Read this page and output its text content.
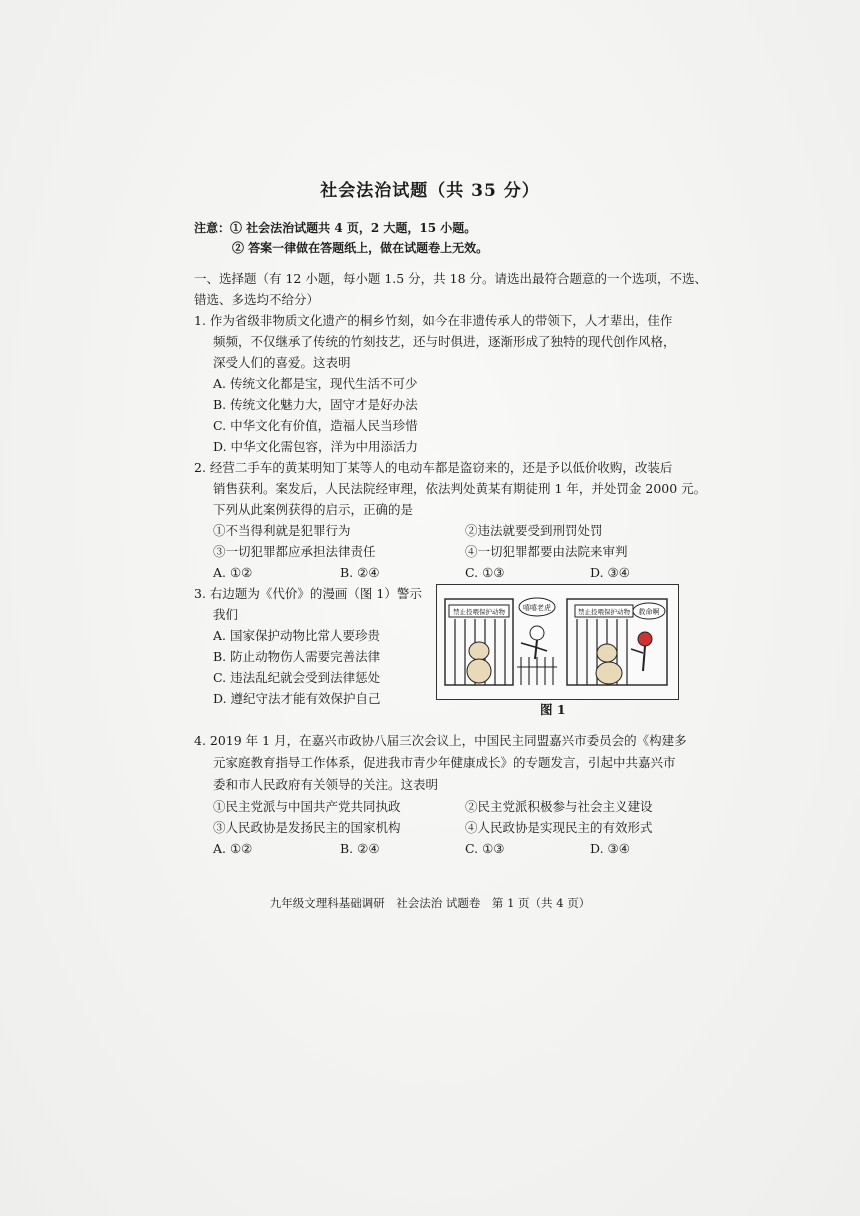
社会法治试题（共 35 分）
注意：① 社会法治试题共 4 页，2 大题，15 小题。
② 答案一律做在答题纸上，做在试题卷上无效。
一、选择题（有 12 小题，每小题 1.5 分，共 18 分。请选出最符合题意的一个选项，不选、
错选、多选均不给分）
1. 作为省级非物质文化遗产的桐乡竹刻，如今在非遗传承人的带领下，人才辈出，佳作
频频，不仅继承了传统的竹刻技艺，还与时俱进，逐渐形成了独特的现代创作风格，
深受人们的喜爱。这表明
A. 传统文化都是宝，现代生活不可少
B. 传统文化魅力大，固守才是好办法
C. 中华文化有价值，造福人民当珍惜
D. 中华文化需包容，洋为中用添活力
2. 经营二手车的黄某明知丁某等人的电动车都是盗窃来的，还是予以低价收购，改装后
销售获利。案发后，人民法院经审理，依法判处黄某有期徒刑 1 年，并处罚金 2000 元。
下列从此案例获得的启示，正确的是
①不当得利就是犯罪行为	②违法就要受到刑罚处罚
③一切犯罪都应承担法律责任	④一切犯罪都要由法院来审判
A. ①②	B. ②④	C. ①③	D. ③④
3. 右边题为《代价》的漫画（图 1）警示
我们
A. 国家保护动物比常人要珍贵
B. 防止动物伤人需要完善法律
C. 违法乱纪就会受到法律惩处
D. 遵纪守法才能有效保护自己
禁止投喂保护动物	嘻嘻老虎	禁止投喂保护动物 救命啊
图 1
4. 2019 年 1 月，在嘉兴市政协八届三次会议上，中国民主同盟嘉兴市委员会的《构建多
元家庭教育指导工作体系，促进我市青少年健康成长》的专题发言，引起中共嘉兴市
委和市人民政府有关领导的关注。这表明
①民主党派与中国共产党共同执政	②民主党派积极参与社会主义建设
③人民政协是发扬民主的国家机构	④人民政协是实现民主的有效形式
A. ①②	B. ②④	C. ①③	D. ③④
九年级文理科基础调研　社会法治 试题卷　第 1 页（共 4 页）
